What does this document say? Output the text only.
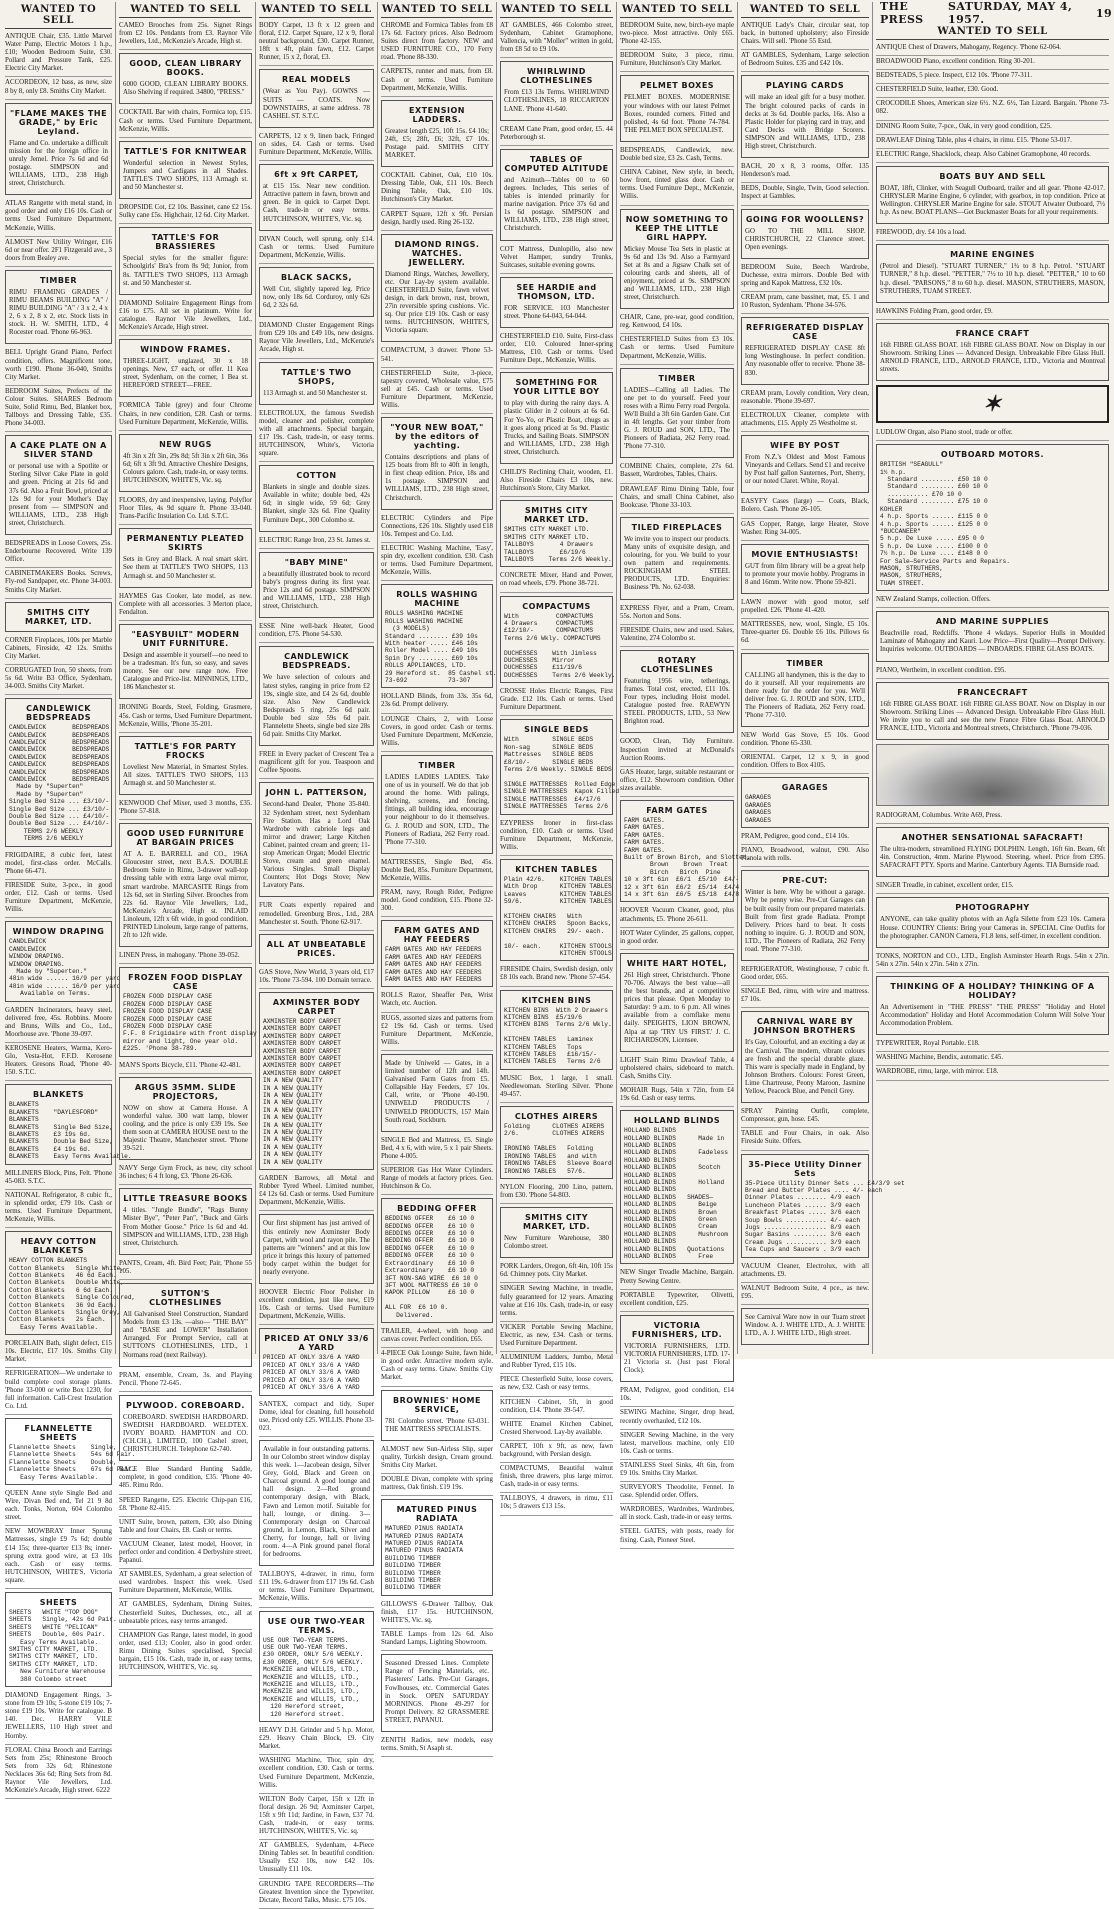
THE PRESS
SATURDAY, MAY 4, 1957.	19
WANTED TO SELL
ANTIQUE Chair, £35. Little Marvel Water Pump, Electric Motors 1 h.p., £10; Wooden Bedroom Suite, £30. Pollard and Pressure Tank, £25. Electric City Market.
ACCORDEON, 12 bass, as new, size 8 by 8, only £8. Smiths City Market.
"FLAME MAKES THE GRADE," by Eric Leyland.
Flame and Co. undertake a difficult mission for the foreign office in unruly Jemel. Price 7s 6d and 6d postage. SIMPSON and WILLIAMS, LTD., 238 High street, Christchurch.
ATLAS Rangette with metal stand, in good order and only £16 10s. Cash or terms Used Furniture Department, McKenzie, Willis.
ALMOST New Utility Wringer, £16 6d or near offer. 2F1 Fitzgerald ave., 3 doors from Bealey ave.
TIMBER
RIMU FRAMING GRADES / RIMU BEAMS BUILDING "A" / RIMU BUILDING "A" / 3 x 2, 4 x 2, 6 x 2, 8 x 2, etc. Stock lists in stock. H. W. SMITH, LTD., 4 Rocester road. 'Phone 66-963.
BELL Upright Grand Piano, Perfect condition, offers. Magnificent tone, worth £190. Phone 36-040, Smiths City Market.
BEDROOM Suites, Prefects of the Colour Suites. SHARES Bedroom Suite, Solid Rimu, Bed, Blanket box, Tallboys and Dressing Table, £35. Phone 34-003.
A CAKE PLATE ON A SILVER STAND
or personal use with a Spotlite or Sterling Silver Cake Plate in gold and green. Pricing at 21s 6d and 37s 6d. Also a Fruit Bowl, priced at 12s 9d for your Mother's Day present from — SIMPSON and WILLIAMS, LTD., 238 High street, Christchurch.
BEDSPREADS in Loose Covers, 25s. Enderbourne Recovered. Write 139 Office.
CABINETMAKERS Books. Screws, Fly-rod Sandpaper, etc. Phone 34-003. Smiths City Market.
SMITHS CITY MARKET, LTD.
CORNER Fireplaces, 100s per Marble Cabinets, Fireside, 42 12s. Smiths City Market.
CORRUGATED Iron, 50 sheets, from 5s 6d. Write B3 Office, Sydenham, 34-003. Smiths City Market.
CANDLEWICK BEDSPREADS
CANDLEWICK       BEDSPREADS
CANDLEWICK       BEDSPREADS
CANDLEWICK       BEDSPREADS
CANDLEWICK       BEDSPREADS
CANDLEWICK       BEDSPREADS
CANDLEWICK       BEDSPREADS
CANDLEWICK       BEDSPREADS
CANDLEWICK       BEDSPREADS
Made by "Superten"
Made by "Superten"
Single Bed Size ... £3/10/-
Single Bed Size ... £3/10/-
Double Bed Size ... £4/10/-
Double Bed Size ... £4/10/-
TERMS 2/6 WEEKLY
TERMS 2/6 WEEKLY
FRIGIDAIRE, 8 cubic feet, latest model, first-class order. McCalls. 'Phone 66-471.
FIRESIDE Suite, 3-pce., in good order, £12. Cash or terms. Used Furniture Department, McKenzie, Willis.
WINDOW DRAPING
CANDLEWICK
CANDLEWICK
WINDOW DRAPING.
WINDOW DRAPING.
Made by "Superten."
48in wide ...... 16/9 per yard
48in wide ...... 16/9 per yard
Available on Terms.
GARDEN Incinerators, heavy steel, delivered free, 45s. Robbins. Moore and Bruns, Wills and Co., Ltd., Moorhouse ave. 'Phone 39-097.
KEROSENE Heaters, Warma, Kero-Glo, Vesta-Hot, F.F.D. Kerosene Heaters. Gresons Road, 'Phone 40-150. S.T.C.
BLANKETS
BLANKETS
BLANKETS    "DAYLESFORD"
BLANKETS
BLANKETS    Single Bed Size,
BLANKETS    £3 19s 6d.
BLANKETS    Double Bed Size,
BLANKETS    £4 19s 6d.
BLANKETS    Easy Terms Available.
MILLINERS Block, Pins, Felt. 'Phone 45-083. S.T.C.
NATIONAL Refrigerator, 8 cubic ft., in splendid order, £79 10s. Cash or terms. Used Furniture Department, McKenzie, Willis.
HEAVY COTTON BLANKETS
HEAVY COTTON BLANKETS
Cotton Blankets   Single White,
Cotton Blankets   46 6d Each.
Cotton Blankets   Double White,
Cotton Blankets   6 6d Each.
Cotton Blankets   Single Coloured,
Cotton Blankets   36 9d Each.
Cotton Blankets   Single Grey,
Cotton Blankets   2s Each.
Easy Terms Available.
PORCELAIN Bath, slight defect, £15 10s. Electric, £17 10s. Smiths City Market.
REFRIGERATION—We undertake to build complete cool storage plants. 'Phone 33-000 or write Box 1230, for full information. Call-Crest Insulation Co. Ltd.
FLANNELETTE SHEETS
Flannelette Sheets    Single,
Flannelette Sheets    54s 6d Pair.
Flannelette Sheets    Double,
Flannelette Sheets    67s 6d Pair.
Easy Terms Available.
QUEEN Anne style Single Bed and Wire, Divan Bed end, Tel 21 9 8d each. Tonks, Norton, 604 Colombo street.
NEW MOWBRAY Inner Sprung Mattresses, single £9 7s 6d; double £14 15s; three-quarter £13 8s; inner-sprung extra good wire, at £3 10s each. Cash or easy terms. HUTCHINSON, WHITE'S, Victoria square.
SHEETS
SHEETS   WHITE "TOP DOG"
SHEETS   Single, 42s 6d Pair.
SHEETS   WHITE "PELICAN"
SHEETS   Double, 60s Pair.
Easy Terms Available.
SMITHS CITY MARKET, LTD.
SMITHS CITY MARKET, LTD.
SMITHS CITY MARKET, LTD.
New Furniture Warehouse
380 Colombo street
DIAMOND Engagement Rings, 3-stone from £9 10s; 5-stone £19 10s; 7-stone £19 10s. Write for catalogue. B 140. Dec. HARRY VILE JEWELLERS, 110 High street and Hornby.
FLORAL China Brooch and Earrings Sets from 25s; Rhinestone Brooch Sets from 32s 6d; Rhinestone Necklaces 36s 6d; Ring Sets from 8d. Raynor Vile Jewellers, Ltd. McKenzie's Arcade, High street. 6222
WANTED TO SELL
CAMEO Brooches from 25s. Signet Rings from £2 10s. Pendants from £3. Raynor Vile Jewellers, Ltd., McKenzie's Arcade, High st.
GOOD, CLEAN LIBRARY BOOKS.
6000 GOOD, CLEAN LIBRARY BOOKS. Also Shelving if required. 34800, "PRESS."
COCKTAIL Bar with chairs, Formica top, £15. Cash or terms. Used Furniture Department, McKenzie, Willis.
TATTLE'S FOR KNITWEAR
Wonderful selection in Newest Styles, Jumpers and Cardigans in all Shades. TATTLE'S TWO SHOPS, 113 Armagh st. and 50 Manchester st.
DROPSIDE Cot, £2 10s. Bassinet, cane £2 15s. Sulky cane £5s. Highchair, 12 6d. City Market.
TATTLE'S FOR BRASSIERES
Special styles for the smaller figure: Schoolgirls' Bra's from 8s 9d; Junior, from 8s. TATTLE'S TWO SHOPS, 113 Armagh st. and 50 Manchester st.
DIAMOND Solitaire Engagement Rings from £16 to £75. All set in platinum. Write for catalogue. Raynor Vile Jewellers, Ltd., McKenzie's Arcade, High street.
WINDOW FRAMES.
THREE-LIGHT, unglazed, 30 x 18 openings. New, £7 each, or offer. 11 Kea street, Sydenham, on the corner, 1 Bea st. HEREFORD STREET—FREE.
FORMICA Table (grey) and four Chrome Chairs, in new condition, £28. Cash or terms. Used Furniture Department, McKenzie, Willis.
NEW RUGS
4ft 3in x 2ft 3in, 29s 8d; 5ft 3in x 2ft 6in, 36s 6d; 6ft x 3ft 9d. Attractive Cheshire Designs, Colours galore. Cash, trade-in, or easy terms. HUTCHINSON, WHITE'S, Vic. sq.
FLOORS, dry and inexpensive, laying. Polyflor Floor Tiles, 4s 9d square ft. Phone 33-040. Trans-Pacific Insulation Co. Ltd. S.T.C.
PERMANENTLY PLEATED SKIRTS
Sets in Grey and Black. A real smart skirt. See them at TATTLE'S TWO SHOPS, 113 Armagh st. and 50 Manchester st.
HAYMES Gas Cooker, late model, as new. Complete with all accessories. 3 Merton place, Fendalton.
"EASYBUILT" MODERN UNIT FURNITURE.
Design and assemble it yourself—no need to be a tradesman. It's fun, so easy, and saves money. See our new range now. Free Catalogue and Price-list. MINNINGS, LTD., 186 Manchester st.
IRONING Boards, Steel, Folding, Grasmere, 45s. Cash or terms, Used Furniture Department, McKenzie, Willis, 'Phone 35-201.
TATTLE'S FOR PARTY FROCKS
Loveliest New Material, in Smartest Styles. All sizes. TATTLE'S TWO SHOPS, 113 Armagh st. and 50 Manchester st.
KENWOOD Chef Mixer, used 3 months, £35. 'Phone 57-818.
GOOD USED FURNITURE AT BARGAIN PRICES
AT A. E. BARRELL and CO., 196A Gloucester street, next B.A.S. DOUBLE Bedroom Suite in Rimu, 3-drawer wall-top dressing table with extra large oval mirror, smart wardrobe. MARCASITE Rings from 12s 6d, set in Sterling Silver. Brooches from 22s 6d. Raynor Vile Jewellers, Ltd., McKenzie's Arcade, High st. INLAID Linoleum, 12ft x 6ft wide, in good condition. PRINTED Linoleum, large range of patterns, 2ft to 12ft wide.
LINEN Press, in mahogany. 'Phone 39-052.
FROZEN FOOD DISPLAY CASE
FROZEN FOOD DISPLAY CASE
FROZEN FOOD DISPLAY CASE
FROZEN FOOD DISPLAY CASE
FROZEN FOOD DISPLAY CASE
FROZEN FOOD DISPLAY CASE
F.F. 8 Frigidaire with front display
mirror and light, One year old.
£225. 'Phone 38-789.
MAN'S Sports Bicycle, £11. 'Phone 42-481.
ARGUS 35MM. SLIDE PROJECTORS,
NOW on show at Camera House. A wonderful value. 300 watt lamp, blower cooling, and the price is only £39 19s. See them soon at CAMERA HOUSE next to the Majestic Theatre, Manchester street. 'Phone 39-521.
NAVY Serge Gym Frock, as new, city school 36 inches; 6 4 ft long, £3. 'Phone 26-636.
LITTLE TREASURE BOOKS
4 titles. "Jungle Bundle", "Rags Bunny Mister Bye", "Peter Pan", "Buck and Girls From Mother Goose." Price 1s 6d and 4d. SIMPSON and WILLIAMS, LTD., 238 High street, Christchurch.
PANTS, Cream, 4ft. Bird Feet; Pair, 'Phone 55 105.
SUTTON'S CLOTHESLINES
All Galvanised Steel Construction, Standard Models from £3 13s. —also— "THE BAY" and "BASE and LOWER" Installation Arranged. For Prompt Service, call at SUTTON'S CLOTHESLINES, LTD., 1 Normans road (next Railway).
PRAM, ensemble, Cream, 3s. and Playing Pencil. 'Phone 72-645.
PLYWOOD. COREBOARD.
COREBOARD. SWEDISH HARDBOARD. SWEDISH HARDBOARD. WELDTEX. IVORY BOARD. HAMPTON and CO. (CH.CH.), LIMITED, 100 Cashel street, CHRISTCHURCH. Telephone 62-740.
RACE Blue Standard Hunting Saddle, complete, in good condition, £35. 'Phone 40-485. Rimu Rdo.
SPEED Rangette, £25. Electric Chip-pan £16, £8. 'Phone 82-415.
UNIT Suite, brown, pattern, £30; also Dining Table and four Chairs, £8. Cash or terms.
VACUUM Cleaner, latest model, Hoover, in perfect order and condition. 4 Derbyshire street, Papanui.
AT SAMBLES, Sydenham, a great selection of used wardrobes. Inspect this week. Used Furniture Department, McKenzie, Willis.
AT GAMBLES, Sydenham, Dining Suites, Chesterfield Suites, Duchesses, etc., all at unbeatable prices, easy terms arranged.
CHAMPION Gas Range, latest model, in good order, used £13; Cooler, also in good order. Rimu Dining Suites specialised, Special bargain, £15 10s. Cash, trade in, or easy terms, HUTCHINSON, WHITE'S, Vic. sq.
WANTED TO SELL
BODY Carpet, 13 ft x 12 green and floral, £12. Carpet Square, 12 x 9, floral neutral background, £30. Carpet Runner, 18ft x 4ft, plain fawn, £12. Carpet Runner, 15 x 2, floral, £3.
REAL MODELS
(Wear as You Pay). GOWNS — SUITS — COATS. Now DOWNSTAIRS, at same address. 78 CASHEL ST. S.T.C.
CARPETS, 12 x 9, linen back, Fringed on sides, £4. Cash or terms. Used Furniture Department, McKenzie, Willis.
6ft x 9ft CARPET,
at £15 15s. Near new condition. Attractive pattern in fawn, brown and green. Be in quick to Carpet Dept. Cash, trade-in or easy terms. HUTCHINSON, WHITE'S, Vic. sq.
DIVAN Couch, well sprung, only £14. Cash or terms. Used Furniture Department, McKenzie, Willis.
BLACK SACKS,
Well Cut, slightly tapered leg. Price now, only 18s 6d. Corduroy, only 62s 6d, 2 32s 6d.
DIAMOND Cluster Engagement Rings from £29 10s and £49 10s, new designs. Raynor Vile Jewellers, Ltd., McKenzie's Arcade, High st.
TATTLE'S TWO SHOPS,
113 Armagh st. and 50 Manchester st.
ELECTROLUX, the famous Swedish model, cleaner and polisher, complete with all attachments. Special bargain, £17 19s. Cash, trade-in, or easy terms. HUTCHINSON, White's, Victoria square.
COTTON
Blankets in single and double sizes. Available in white; double bed, 42s 6d; in single wide, 59 6d; Grey Blanket, single 32s 6d. Fine Quality Furniture Dept., 300 Colombo st.
ELECTRIC Range Iron, 23 St. James st.
"BABY MINE"
a beautifully illustrated book to record baby's progress during its first year. Price 12s and 6d postage. SIMPSON and WILLIAMS, LTD., 238 High street, Christchurch.
ESSE Nine well-back Heater, Good condition, £75. Phone 54-530.
CANDLEWICK BEDSPREADS.
We have selection of colours and latest styles, ranging in price from £2 19s, single size, and £4 2s 6d, double size. Also New Candlewick Bedspreads 5 ring, 25s 6d pair. Double bed size 59s 6d pair. Flannelette Sheets, single bed size 28s 6d pair. Smiths City Market.
FREE in Every packet of Crescent Tea a magnificent gift for you. Teaspoon and Coffee Spoons.
JOHN L. PATTERSON,
Second-hand Dealer, 'Phone 35-840. 32 Sydenham street, next Sydenham Fire Station. Has a Lord Oak Wardrobe with cabriole legs and mirror and drawer; Large Kitchen Cabinet, painted cream and green; 11-stop American Organ; Model Electric Stove, cream and green enamel. Various Singles. Small Display Counters; Hot Dogs Stove; New Lavatory Pans.
FUR Coats expertly repaired and remodelled. Greenburg Bros., Ltd., 28A Manchester st. South. 'Phone 62-917.
ALL AT UNBEATABLE PRICES.
GAS Stove, New World, 3 years old, £17 10s. 'Phone 73-594. 100 Domain terrace.
AXMINSTER BODY CARPET
AXMINSTER BODY CARPET
AXMINSTER BODY CARPET
AXMINSTER BODY CARPET
AXMINSTER BODY CARPET
AXMINSTER BODY CARPET
AXMINSTER BODY CARPET
AXMINSTER BODY CARPET
AXMINSTER BODY CARPET
IN A NEW QUALITY
IN A NEW QUALITY
IN A NEW QUALITY
IN A NEW QUALITY
IN A NEW QUALITY
IN A NEW QUALITY
IN A NEW QUALITY
IN A NEW QUALITY
IN A NEW QUALITY
IN A NEW QUALITY
IN A NEW QUALITY
IN A NEW QUALITY
GARDEN Barrows, all Metal and Rubber Tyred Wheel. Limited number, £4 12s 6d. Cash or terms. Used Furniture Department, McKenzie, Willis.
Our first shipment has just arrived of this entirely new Axminster Body Carpet, with wool and rayon pile. The patterns are "winners" and at this low price it brings this luxury of patterned body carpet within the budget for nearly everyone.
HOOVER Electric Floor Polisher in excellent condition, just like new, £19 10s. Cash or terms. Used Furniture Department, McKenzie, Willis.
PRICED AT ONLY 33/6 A YARD
PRICED AT ONLY 33/6 A YARD
PRICED AT ONLY 33/6 A YARD
PRICED AT ONLY 33/6 A YARD
PRICED AT ONLY 33/6 A YARD
PRICED AT ONLY 33/6 A YARD
SANTEX, compact and tidy, Super Dome, ideal for cleaning, full household use, Priced only £25. WILLIS. Phone 33-023.
Available in four outstanding patterns. In our Colombo street window display this week. 1—Jacobean design, Silver Grey, Gold, Black and Green on Charcoal ground. A good lounge and hall design. 2—Red ground contemporary design, with Black, Fawn and Lemon motif. Suitable for hall, lounge, or dining. 3—Contemporary design on Charcoal ground, in Lemon, Black, Silver and Cherry, for lounge, hall or living room. 4—A Pink ground panel floral for bedrooms.
TALLBOYS, 4-drawer, in rimu, form £11 19s. 6-drawer from £17 19s 6d. Cash or terms. Used Furniture Department, McKenzie, Willis.
USE OUR TWO-YEAR TERMS.
USE OUR TWO-YEAR TERMS.
USE OUR TWO-YEAR TERMS.
£30 ORDER, ONLY 5/6 WEEKLY.
£30 ORDER, ONLY 5/6 WEEKLY.
McKENZIE and WILLIS, LTD.,
McKENZIE and WILLIS, LTD.,
McKENZIE and WILLIS, LTD.,
McKENZIE and WILLIS, LTD.,
McKENZIE and WILLIS, LTD.,
120 Hereford street,
120 Hereford street.
HEAVY D.H. Grinder and 5 h.p. Motor, £29. Heavy Chain Block, £9. City Market.
WASHING Machine, Thor, spin dry, excellent condition, £30. Cash or terms. Used Furniture Department, McKenzie, Willis.
WILTON Body Carpet, 15ft x 12ft in floral design. 26 9d; Axminster Carpet, 15ft x 9ft 11d; Jardine, in Fawn, £37 7d. Cash, trade-in, or easy terms. HUTCHINSON, WHITE'S, Vic. sq.
AT GAMBLES, Sydenham, 4-Piece Dining Tables set. In beautiful condition. Usually £52 10s, now £42 10s. Unusually £11 10s.
GRUNDIG TAPE RECORDERS—The Greatest Invention since the Typewriter. Dictate, Record Talks, Music. £75 10s.
WANTED TO SELL
CHROME and Formica Tables from £8 17s 6d. Factory prices. Also Bedroom Suites direct from factory. NEW and USED FURNITURE CO., 170 Ferry road. 'Phone 88-330.
CARPETS, runner and mats, from £8. Cash or terms. Used Furniture Department, McKenzie, Willis.
EXTENSION LADDERS.
Greatest length £25, 10ft 15s. £4 10s; 24ft, £5; 28ft, £6; 32ft, £7 10s. Postage paid. SMITHS CITY MARKET.
COCKTAIL Cabinet, Oak, £10 10s. Dressing Table, Oak, £11 10s. Beech Dining Table, Oak, £10 10s. Hutchinson's City Market.
CARPET Square, 12ft x 9ft. Persian design, hardly used. Ring 26-132.
DIAMOND RINGS. WATCHES. JEWELLERY.
Diamond Rings, Watches, Jewellery, etc. Our Lay-by system available. CHESTERFIELD Suite, fawn velvet design, in dark brown, rust, brown, 27in reversible spring cushions. Vic. sq. Our price £19 10s. Cash or easy terms. HUTCHINSON, WHITE'S, Victoria square.
COMPACTUM, 3 drawer. 'Phone 53-541.
CHESTERFIELD Suite, 3-piece, tapestry covered, Wholesale value, £75 sell at £45. Cash or terms. Used Furniture Department, McKenzie, Willis.
"YOUR NEW BOAT," by the editors of yachting.
Contains descriptions and plans of 125 boats from 8ft to 40ft in length, in first cheap edition. Price, 18s and 1s postage. SIMPSON and WILLIAMS, LTD., 238 High street, Christchurch.
ELECTRIC Cylinders and Pipe Connections, £26 10s. Slightly used £18 10s. Tempest and Co. Ltd.
ELECTRIC Washing Machine, 'Easy', spin dry, excellent condition. £30. Cash or terms. Used Furniture Department, McKenzie, Willis.
ROLLS WASHING MACHINE
ROLLS WASHING MACHINE
ROLLS WASHING MACHINE
(3 MODELS)
Standard ........ £39 10s
With heater ..... £46 10s
Roller Model .... £49 10s
Spin Dry ........ £69 10s
ROLLS APPLIANCES, LTD.
29 Hereford st.  85 Cashel st.
73-692           73-307
HOLLAND Blinds, from 33s. 35s 6d, 23s 6d. Prompt delivery.
LOUNGE Chairs, 2, with Loose Covers, in good order. Cash or terms. Used Furniture Department, McKenzie, Willis.
TIMBER
LADIES LADIES LADIES. Take one of us in yourself. We do that job around the home. With palings, shelving, screens, and fencing, fittings, all building idea, encourage your neighbour to do it themselves. G. J. ROUD and SON, LTD., The Pioneers of Radiata, 262 Ferry road. 'Phone 77-310.
MATTRESSES, Single Bed, 45s. Double Bed, 85s. Furniture Department, McKenzie, Willis.
PRAM, navy, Rough Rider, Pedigree model. Good condition, £15. Phone 32-300.
FARM GATES AND HAY FEEDERS
FARM GATES AND HAY FEEDERS
FARM GATES AND HAY FEEDERS
FARM GATES AND HAY FEEDERS
FARM GATES AND HAY FEEDERS
FARM GATES AND HAY FEEDERS
ROLLS Razor, Sheaffer Pen, Wrist Watch, etc. Auction.
RUGS, assorted sizes and patterns from £2 19s 6d. Cash or terms. Used Furniture Department, McKenzie, Willis.
Made by Uniweld — Gates, in a limited number of 12ft and 14ft. Galvanised Farm Gates from £5. Collapsible Hay Feeders, £7 10s. Call, write, or 'Phone 40-190. UNIWELD PRODUCTS / UNIWELD PRODUCTS, 157 Main South road, Sockburn.
SINGLE Bed and Mattress, £5. Single Bed, 4 x 6, with wire, 5 x 1 pair Sheets. Phone 4-005.
SUPERIOR Gas Hot Water Cylinders. Range of models at factory prices. Geo. Hutchinson & Co.
BEDDING OFFER
BEDDING OFFER    £6 10 0
BEDDING OFFER    £6 10 0
BEDDING OFFER    £6 10 0
BEDDING OFFER    £6 10 0
BEDDING OFFER    £6 10 0
BEDDING OFFER    £6 10 0
Extraordinary    £6 10 0
Extraordinary    £6 10 0
3FT NON-SAG WIRE  £6 10 0
3FT WOOL MATTRESS £6 10 0
KAPOK PILLOW     £6 10 0

ALL FOR  £6 10 0.
Delivered.
TRAILER, 4-wheel, with hoop and canvas cover. Perfect condition, £65.
4-PIECE Oak Lounge Suite, fawn hide, in good order. Attractive modern style. Cash or easy terms. Gnaw. Smiths City Market.
BROWNIES' HOME SERVICE,
781 Colombo street. 'Phone 63-031. THE MATTRESS SPECIALISTS.
ALMOST new Sun-Airless Slip, super quality, Turkish design, Cream ground. Smiths City Market.
DOUBLE Divan, complete with spring mattress, Oak finish. £19 19s.
MATURED PINUS RADIATA
MATURED PINUS RADIATA
MATURED PINUS RADIATA
MATURED PINUS RADIATA
MATURED PINUS RADIATA
BUILDING TIMBER
BUILDING TIMBER
BUILDING TIMBER
BUILDING TIMBER
BUILDING TIMBER
GILLOWS'S 6-Drawer Tallboy, Oak finish, £17 15s. HUTCHINSON, WHITE'S, Vic. sq.
TABLE Lamps from 12s 6d. Also Standard Lamps, Lighting Showroom.
Seasoned Dressed Lines. Complete Range of Fencing Materials, etc. Plasterers' Laths. Pre-Cut Garages, Fowlhouses, etc. Commercial Gates in Stock. OPEN SATURDAY MORNINGS. Phone 49-297 for Prompt Delivery. 82 GRASSMERE STREET, PAPANUI.
ZENITH Radios, new models, easy terms. Smith, St Asaph st.
WANTED TO SELL
AT GAMBLES, 466 Colombo street, Sydenham, Cabinet Gramophone, Vallencia, with "Moller" written in gold, from £8 5d to £9 10s.
WHIRLWIND CLOTHESLINES
From £13 13s Terms. WHIRLWIND CLOTHESLINES, 18 RICCARTON LANE. 'Phone 41-640.
CREAM Cane Pram, good order, £5. 44 Peterborough st.
TABLES OF COMPUTED ALTITUDE
and Azimuth—Tables 00 to 60 degrees. Includes, This series of tables is intended primarily for marine navigation. Price 37s 6d and 1s 6d postage. SIMPSON and WILLIAMS, LTD., 238 High street, Christchurch.
COT Mattress, Dunlopillo, also new Velvet Hamper, sundry Trunks, Suitcases, suitable evening gowns.
SEE HARDIE and THOMSON, LTD.
FOR SERVICE. 103 Manchester street. 'Phone 64-043, 64-044.
CHESTERFIELD £10. Suite, First-class order, £10. Coloured Inner-spring Mattress, £10. Cash or terms. Used Furniture Dept., McKenzie, Willis.
SOMETHING FOR YOUR LITTLE BOY
to play with during the rainy days. A plastic Glider in 2 colours at 6s 6d. For Yo-Yo, or Plastic Boat, chugs as it goes along priced at 5s 9d. Plastic Trucks, and Sailing Boats. SIMPSON and WILLIAMS, LTD., 238 High street, Christchurch.
CHILD'S Reclining Chair, wooden, £1. Also Fireside Chairs £3 10s, new. Hutchinson's Store, City Market.
SMITHS CITY MARKET LTD.
SMITHS CITY MARKET LTD.
SMITHS CITY MARKET LTD.
TALLBOYS       4 Drawers
TALLBOYS       £6/19/6
TALLBOYS    Terms 2/6 Weekly.
CONCRETE Mixer, Hand and Power, on road wheels, £79. Phone 38-721.
COMPACTUMS
With          COMPACTUMS
4 Drawers     COMPACTUMS
£12/10/-      COMPACTUMS
Terms 2/6 Wkly. COMPACTUMS

DUCHESSES    With Jimless
DUCHESSES    Mirror
DUCHESSES    £11/19/6
DUCHESSES    Terms 2/6 Weekly.
CROSSE Holes Electric Ranges, First Grade. £12 10s. Cash or terms. Used Furniture Department.
SINGLE BEDS
With         SINGLE BEDS
Non-sag      SINGLE BEDS
Mattresses   SINGLE BEDS
£8/10/-      SINGLE BEDS
Terms 2/6 Weekly. SINGLE BEDS

SINGLE MATTRESSES  Rolled Edge
SINGLE MATTRESSES  Kapok Filled
SINGLE MATTRESSES  £4/17/6
SINGLE MATTRESSES  Terms 2/6
EZYPRESS Ironer in first-class condition, £10. Cash or terms. Used Furniture Department, McKenzie, Willis.
KITCHEN TABLES
Plain 42/6.    KITCHEN TABLES
With Drop      KITCHEN TABLES
Leaves         KITCHEN TABLES
59/6.          KITCHEN TABLES

KITCHEN CHAIRS   With
KITCHEN CHAIRS   Spoon Backs,
KITCHEN CHAIRS   29/- each.

10/- each.     KITCHEN STOOLS
KITCHEN STOOLS
FIRESIDE Chairs, Swedish design, only £8 10s each. Brand new. 'Phone 57-454.
KITCHEN BINS
KITCHEN BINS  With 2 Drawers
KITCHEN BINS  £5/19/6
KITCHEN BINS  Terms 2/6 Wkly.

KITCHEN TABLES   Laminex
KITCHEN TABLES   Tops
KITCHEN TABLES   £16/15/-
KITCHEN TABLES   Terms 2/6
MUSIC Box, 1 large, 1 small. Needlewoman. Sterling Silver. 'Phone 49-457.
CLOTHES AIRERS
Folding      CLOTHES AIRERS
2/6.         CLOTHES AIRERS

IRONING TABLES   Folding
IRONING TABLES   and with
IRONING TABLES   Sleeve Board
IRONING TABLES   57/6.
NYLON Flooring, 200 Lino, pattern, from £30. 'Phone 54-803.
SMITHS CITY MARKET, LTD.
New Furniture Warehouse, 380 Colombo street.
PORK Larders, Oregon, 6ft 4in, 10ft 15s 6d. Chimney pots. City Market.
SINGER Sewing Machine, in treadle, fully guaranteed for 12 years. Amazing value at £16 10s. Cash, trade-in, or easy terms.
VICKER Portable Sewing Machine, Electric, as new, £34. Cash or terms. Used Furniture Department.
ALUMINIUM Ladders, Jumbo, Metal and Rubber Tyred, £15 10s.
PIECE Chesterfield Suite, loose covers, as new, £32. Cash or easy terms.
KITCHEN Cabinet, 5ft, in good condition, £14. 'Phone 39-547.
WHITE Enamel Kitchen Cabinet, Crested Sherwood. Lay-by available.
CARPET, 10ft x 9ft, as new, fawn background, with Persian design.
COMPACTUMS, Beautiful walnut finish, three drawers, plus large mirror. Cash, trade-in or easy terms.
TALLBOYS, 4 drawers, in rimu, £11 10s; 5 drawers £13 15s.
WANTED TO SELL
BEDROOM Suite, new, birch-eye maple two-piece. Most attractive. Only £65. 'Phone 42-155.
BEDROOM Suite, 3 piece, rimu. Furniture, Hutchinson's City Market.
PELMET BOXES
PELMET BOXES. MODERNISE your windows with our latest Pelmet Boxes, rounded corners. Fitted and polished, 4s 6d foot. 'Phone 74-784. THE PELMET BOX SPECIALIST.
BEDSPREADS, Candlewick, new. Double bed size, £3 2s. Cash, Terms.
CHINA Cabinet, New style, in beech, bow front, tinted glass door. Cash or terms. Used Furniture Dept., McKenzie, Willis.
NOW SOMETHING TO KEEP THE LITTLE GIRL HAPPY.
Mickey Mouse Tea Sets in plastic at 9s 6d and 13s 9d. Also a Farmyard Set at 8s and a Jigsaw Chalk set of colouring cards and sheets, all of enjoyment, priced at 9s. SIMPSON and WILLIAMS, LTD., 238 High street, Christchurch.
CHAIR, Cane, pre-war, good condition, reg. Kenwood, £4 10s.
CHESTERFIELD Suites from £3 10s. Cash or terms. Used Furniture Department, McKenzie, Willis.
TIMBER
LADIES—Calling all Ladies. The one pet to do yourself. Feed your roses with a Rimu Ferry road Pergola. We'll Build a 3ft 6in Garden Gate. Cut in 4ft lengths. Get your timber from G. J. ROUD and SON, LTD., The Pioneers of Radiata, 262 Ferry road. 'Phone 77-310.
COMBINE Chairs, complete, 27s 6d. Bassett, Wardrobes, Tables, Chairs.
DRAWLEAF Rimu Dining Table, four Chairs, and small China Cabinet, also Bookcase. 'Phone 33-103.
TILED FIREPLACES
We invite you to inspect our products. Many units of exquisite design, and colouring, for you. We build to your own pattern and requirements. ROCKINGHAM STEEL PRODUCTS, LTD. Enquiries: Business 'Ph. No. 62-038.
EXPRESS Flyer, and a Pram, Cream, 55s. Norton and Sons.
FIRESIDE Chairs, new and used. Sakes, Valentine, 274 Colombo st.
ROTARY CLOTHESLINES
Featuring 1956 wire, tetherings, frames. Total cost, erected, £11 10s. Four types, including Hoist model. Catalogue posted free. RAEWYN STEEL PRODUCTS, LTD., 53 New Brighton road.
GOOD, Clean, Tidy Furniture. Inspection invited at McDonald's Auction Rooms.
GAS Heater, large, suitable restaurant or office, £12. Showroom condition. Other sizes available.
FARM GATES
FARM GATES.
FARM GATES.
FARM GATES.
FARM GATES.
FARM GATES.
Built of Brown Birch, and Slotted.
Brown    Brown  Treat
Birch   Birch  Pine
10 x 3ft 6in  £6/1  £5/10  £4/-
12 x 3ft 6in  £6/2  £5/14  £4/4
14 x 3ft 6in  £6/5  £5/18  £4/8
HOOVER Vacuum Cleaner, good, plus attachments, £5. 'Phone 26-611.
HOT Water Cylinder, 25 gallons, copper, in good order.
WHITE HART HOTEL,
261 High street, Christchurch. 'Phone 70-706. Always the best value—all the best brands, and at competitive prices that please. Open Monday to Saturday: 9 a.m. to 6 p.m. All wines available from a cornflake menu daily. SPEIGHTS, LION BROWN, Alpa at tap 'TRY US FIRST.' J. C. RICHARDSON, Licensee.
LIGHT Stain Rimu Drawleaf Table, 4 upholstered chairs, sideboard to match. Cash, Smiths City.
MOHAIR Rugs, 54in x 72in, from £4 19s 6d. Cash or easy terms.
HOLLAND BLINDS
HOLLAND BLINDS
HOLLAND BLINDS      Made in
HOLLAND BLINDS
HOLLAND BLINDS      Fadeless
HOLLAND BLINDS
HOLLAND BLINDS      Scotch
HOLLAND BLINDS
HOLLAND BLINDS      Holland
HOLLAND BLINDS
HOLLAND BLINDS   SHADES—
HOLLAND BLINDS      Beige
HOLLAND BLINDS      Brown
HOLLAND BLINDS      Green
HOLLAND BLINDS      Cream
HOLLAND BLINDS      Mushroom
HOLLAND BLINDS
HOLLAND BLINDS   Quotations
HOLLAND BLINDS      Free
NEW Singer Treadle Machine, Bargain. Pretty Sewing Centre.
PORTABLE Typewriter, Olivetti, excellent condition, £25.
VICTORIA FURNISHERS, LTD.
VICTORIA FURNISHERS, LTD. VICTORIA FURNISHERS, LTD. 17-21 Victoria st. (Just past Floral Clock).
PRAM, Pedigree, good condition, £14 10s.
SEWING Machine, Singer, drop head, recently overhauled, £12 10s.
SINGER Sewing Machine, in the very latest, marvellous machine, only £10 10s. Cash or terms.
STAINLESS Steel Sinks, 4ft 6in, from £9 10s. Smiths City Market.
SURVEYOR'S Theodolite, Fennel. In case. Splendid order. Offers.
WARDROBES, Wardrobes, Wardrobes, all in stock. Cash, trade-in or easy terms.
STEEL GATES, with posts, ready for fixing. Cash, Pioneer Steel.
WANTED TO SELL
ANTIQUE Lady's Chair, circular seat, top back, in buttoned upholstery; also Fireside Chairs. Will sell. 'Phone 55 Estd.
AT GAMBLES, Sydenham, Large selection of Bedroom Suites. £35 and £42 10s.
PLAYING CARDS
will make an ideal gift for a busy mother. The bright coloured packs of cards in decks at 3s 6d. Double packs, 16s. Also a Plastic Holder for playing card in tray, and Card Decks with Bridge Scorers. SIMPSON and WILLIAMS, LTD., 238 High street, Christchurch.
BACH, 20 x 8, 3 rooms, Offer. 135 Henderson's road.
BEDS, Double, Single, Twin, Good selection. Inspect at Gambles.
GOING FOR WOOLLENS?
GO TO THE MILL SHOP. CHRISTCHURCH, 22 Clarence street. Open evenings.
BEDROOM Suite, Beech Wardrobe, Duchesse, extra mirrors. Double Bed with spring and Kapok Mattress, £32 10s.
CREAM pram, cane bassinet, mat, £5. 1 and 10 Ruston, Sydenham. 'Phone 34-576.
REFRIGERATED DISPLAY CASE
REFRIGERATED DISPLAY CASE 8ft long Westinghouse. In perfect condition. Any reasonable offer to receive. 'Phone 38-830.
CREAM pram, Lovely condition, Very clean, reasonable. 'Phone 39-697.
ELECTROLUX Cleaner, complete with attachments, £15. Apply 25 Westholme st.
WIFE BY POST
From N.Z.'s Oldest and Most Famous Vineyards and Cellars. Send £1 and receive by Post half gallon Sauternes, Port, Sherry, or our noted Claret. White, Royal.
EASYFY Cases (large) — Coats, Black, Bolero. Cash. 'Phone 26-105.
GAS Copper, Range, large Heater, Stove Washer. Ring 34-005.
MOVIE ENTHUSIASTS!
GUT from film library will be a great help to promote your movie hobby. Programs in 8 and 16mm. Write now. 'Phone 59-821.
LAWN mower with good motor, self propelled. £26. 'Phone 41-420.
MATTRESSES, new, wool, Single, £5 10s. Three-quarter £6. Double £6 10s. Pillows 6s 6d.
TIMBER
CALLING all handymen, this is the day to do it yourself. All your requirements are there ready for the order for you. We'll deliver free. G. J. ROUD and SON, LTD., The Pioneers of Radiata, 262 Ferry road. 'Phone 77-310.
NEW World Gas Stove, £5 10s. Good condition. 'Phone 65-330.
ORIENTAL Carpet, 12 x 9, in good condition. Offers to Box 4105.
GARAGES
GARAGES
GARAGES
GARAGES
GARAGES
PRAM, Pedigree, good cond., £14 10s.
PIANO, Broadwood, walnut, £90. Also Pianola with rolls.
PRE-CUT:
Winter is here. Why be without a garage. Why be penny wise. Pre-Cut Garages can be built easily from our prepared materials. Built from first grade Radiata. Prompt Delivery. Prices hard to beat. It costs nothing to inquire. G. J. ROUD and SON, LTD., The Pioneers of Radiata, 262 Ferry road. 'Phone 77-310.
REFRIGERATOR, Westinghouse, 7 cubic ft. Good order, £65.
SINGLE Bed, rimu, with wire and mattress. £7 10s.
CARNIVAL WARE BY JOHNSON BROTHERS
It's Gay, Colourful, and an exciting a day at the Carnival. The modern, vibrant colours are fresh and the special durable glaze. This ware is specially made in England, by Johnson Brothers. Colours: Forest Green, Lime Chartreuse, Peony Maroon, Jasmine Yellow, Peacock Blue, and Pencil Grey.
SPRAY Painting Outfit, complete, Compressor, gun, hose. £45.
TABLE and Four Chairs, in oak. Also Fireside Suite. Offers.
35-Piece Utility Dinner Sets
35-Piece Utility Dinner Sets ... £4/3/9 set
Bread and Butter Plates .... 4/- each
Dinner Plates ........ 4/9 each
Luncheon Plates ...... 3/9 each
Breakfast Plates ..... 3/6 each
Soup Bowls ........... 4/- each
Jugs ................. 8/9 each
Sugar Basins ......... 3/6 each
Cream Jugs ........... 3/9 each
Tea Cups and Saucers . 3/9 each
VACUUM Cleaner, Electrolux, with all attachments. £9.
WALNUT Bedroom Suite, 4 pce., as new. £95.
See Carnival Ware now in our Tuam street Window. A. J. WHITE LTD., A. J. WHITE LTD., A. J. WHITE LTD., High street.
WANTED TO SELL
ANTIQUE Chest of Drawers, Mahogany, Regency. 'Phone 62-064.
BROADWOOD Piano, excellent condition. Ring 30-201.
BEDSTEADS, 5 piece. Inspect, £12 10s. 'Phone 77-311.
CHESTERFIELD Suite, leather, £30. Good.
CROCODILE Shoes, American size 6½. N.Z. 6½, Tan Lizard. Bargain. 'Phone 73-082.
DINING Room Suite, 7-pce., Oak, in very good condition, £25.
DRAWLEAF Dining Table, plus 4 chairs, in rimu. £15. 'Phone 53-017.
ELECTRIC Range, Shacklock, cheap. Also Cabinet Gramophone, 40 records.
BOATS BUY AND SELL
BOAT, 18ft, Clinker, with Seagull Outboard, trailer and all gear. 'Phone 42-017. CHRYSLER Marine Engine, 6 cylinder, with gearbox, in top condition. Price at Wellington. CHRYSLER Marine Engine for sale. STOUT Atwater Outboard, 7½ h.p. As new. BOAT PLANS—Get Buckmaster Boats for all your requirements.
FIREWOOD, dry. £4 10s a load.
MARINE ENGINES
(Petrol and Diesel). "STUART TURNER," 1¾ to 8 h.p. Petrol. "STUART TURNER," 8 h.p. diesel. "PETTER," 7½ to 10 h.p. diesel. "PETTER," 10 to 60 h.p. diesel. "PARSONS," 8 to 60 h.p. diesel. MASON, STRUTHERS, MASON, STRUTHERS, TUAM STREET.
HAWKINS Folding Pram, good order, £9.
FRANCE CRAFT
16ft FIBRE GLASS BOAT. 16ft FIBRE GLASS BOAT. Now on Display in our Showroom. Striking Lines — Advanced Design. Unbreakable Fibre Glass Hull. ARNOLD FRANCE, LTD., ARNOLD FRANCE, LTD., Victoria and Montreal streets.
✶
LUDLOW Organ, also Piano stool, trade or offer.
OUTBOARD MOTORS.
BRITISH "SEAGULL"
1½ h.p.
Standard ......... £50 10 0
Standard ......... £60 10 0
........... £70 10 0
Standard ......... £75 10 0
KOHLER
4 h.p. Sports ...... £115 0 0
4 h.p. Sports ...... £125 0 0
"BUCCANEER"
5 h.p. De Luxe ..... £95 0 0
5 h.p. De Luxe ..... £100 0 0
7½ h.p. De Luxe .... £148 0 0
For Sale—Service Parts and Repairs.
MASON, STRUTHERS,
MASON, STRUTHERS,
TUAM STREET.
NEW Zealand Stamps, collection. Offers.
AND MARINE SUPPLIES
Beachville road, Redcliffs. 'Phone 4 wkdays. Superior Hulls in Moulded Laminate of Mahogany and Kauri. Low Price—First Quality—Prompt Delivery. Inquiries welcome. OUTBOARDS — INBOARDS. FIBRE GLASS BOATS.
PIANO, Wertheim, in excellent condition. £95.
FRANCECRAFT
16ft FIBRE GLASS BOAT. 16ft FIBRE GLASS BOAT. Now on Display in our Showroom. Striking Lines — Advanced Design. Unbreakable Fibre Glass Hull. We invite you to call and see the new France Fibre Glass Boat. ARNOLD FRANCE, LTD., Victoria and Montreal streets, Christchurch. 'Phone 79-036.
RADIOGRAM, Columbus. Write A69, Press.
ANOTHER SENSATIONAL SAFACRAFT!
The ultra-modern, streamlined FLYING DOLPHIN. Length, 16ft 6in. Beam, 6ft 4in. Construction, 4mm. Marine Plywood. Steering, wheel. Price from £395. SAFACRAFT PTY. Sports and Marine. Canterbury Agents. TIA Burnside road.
SINGER Treadle, in cabinet, excellent order, £15.
PHOTOGRAPHY
ANYONE, can take quality photos with an Agfa Silette from £23 10s. Camera House. COUNTRY Clients: Bring your Cameras in. SPECIAL Cine Outfits for the photographer. CANON Camera, F1.8 lens, self-timer, in excellent condition.
TONKS, NORTON and CO., LTD., English Axminster Hearth Rugs. 54in x 27in. 54in x 27in. 54in x 27in. 54in x 27in.
THINKING OF A HOLIDAY? THINKING OF A HOLIDAY?
An Advertisement in "THE PRESS" "THE PRESS" "Holiday and Hotel Accommodation" Holiday and Hotel Accommodation Column Will Solve Your Accommodation Problem.
TYPEWRITER, Royal Portable. £18.
WASHING Machine, Bendix, automatic. £45.
WARDROBE, rimu, large, with mirror. £18.
